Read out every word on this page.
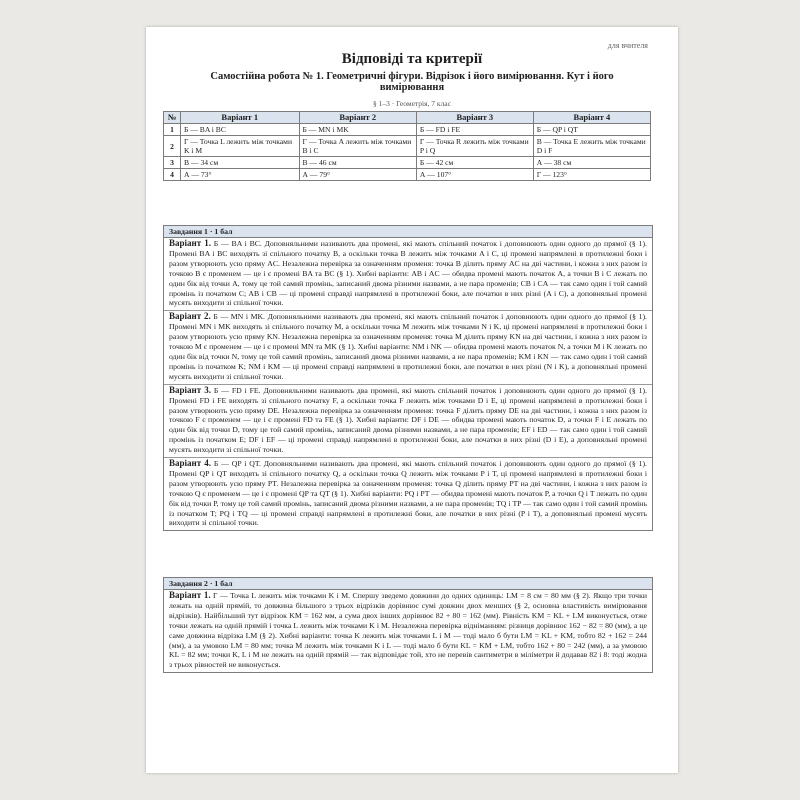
для вчителя
Відповіді та критерії
Самостійна робота № 1. Геометричні фігури. Відрізок і його вимірювання. Кут і його вимірювання
§ 1–3 · Геометрія, 7 клас
№	Варіант 1	Варіант 2	Варіант 3	Варіант 4
1	Б — BA і BC	Б — MN і MK	Б — FD і FE	Б — QP і QT
2	Г — Точка L лежить між точками K і M	Г — Точка A лежить між точками B і C	Г — Точка R лежить між точками P і Q	В — Точка E лежить між точками D і F
3	В — 34 см	В — 46 см	Б — 42 см	А — 38 см
4	А — 73°	А — 79°	А — 107°	Г — 123°
Завдання 1 · 1 бал
Варіант 1. Б — BA і BC. Доповняльними називають два промені, які мають спільний початок і доповнюють один одного до прямої (§ 1). Промені BA і BC виходять зі спільного початку B, а оскільки точка B лежить між точками A і C, ці промені напрямлені в протилежні боки і разом утворюють усю пряму AC. Незалежна перевірка за означенням променя: точка B ділить пряму AC на дві частини, і кожна з них разом із точкою B є променем — це і є промені BA та BC (§ 1). Хибні варіанти: AB і AC — обидва промені мають початок A, а точки B і C лежать по один бік від точки A, тому це той самий промінь, записаний двома різними назвами, а не пара променів; CB і CA — так само один і той самий промінь із початком C; AB і CB — ці промені справді напрямлені в протилежні боки, але початки в них різні (A і C), а доповняльні промені мусять виходити зі спільної точки.
Варіант 2. Б — MN і MK. Доповняльними називають два промені, які мають спільний початок і доповнюють один одного до прямої (§ 1). Промені MN і MK виходять зі спільного початку M, а оскільки точка M лежить між точками N і K, ці промені напрямлені в протилежні боки і разом утворюють усю пряму KN. Незалежна перевірка за означенням променя: точка M ділить пряму KN на дві частини, і кожна з них разом із точкою M є променем — це і є промені MN та MK (§ 1). Хибні варіанти: NM і NK — обидва промені мають початок N, а точки M і K лежать по один бік від точки N, тому це той самий промінь, записаний двома різними назвами, а не пара променів; KM і KN — так само один і той самий промінь із початком K; NM і KM — ці промені справді напрямлені в протилежні боки, але початки в них різні (N і K), а доповняльні промені мусять виходити зі спільної точки.
Варіант 3. Б — FD і FE. Доповняльними називають два промені, які мають спільний початок і доповнюють один одного до прямої (§ 1). Промені FD і FE виходять зі спільного початку F, а оскільки точка F лежить між точками D і E, ці промені напрямлені в протилежні боки і разом утворюють усю пряму DE. Незалежна перевірка за означенням променя: точка F ділить пряму DE на дві частини, і кожна з них разом із точкою F є променем — це і є промені FD та FE (§ 1). Хибні варіанти: DF і DE — обидва промені мають початок D, а точки F і E лежать по один бік від точки D, тому це той самий промінь, записаний двома різними назвами, а не пара променів; EF і ED — так само один і той самий промінь із початком E; DF і EF — ці промені справді напрямлені в протилежні боки, але початки в них різні (D і E), а доповняльні промені мусять виходити зі спільної точки.
Варіант 4. Б — QP і QT. Доповняльними називають два промені, які мають спільний початок і доповнюють один одного до прямої (§ 1). Промені QP і QT виходять зі спільного початку Q, а оскільки точка Q лежить між точками P і T, ці промені напрямлені в протилежні боки і разом утворюють усю пряму PT. Незалежна перевірка за означенням променя: точка Q ділить пряму PT на дві частини, і кожна з них разом із точкою Q є променем — це і є промені QP та QT (§ 1). Хибні варіанти: PQ і PT — обидва промені мають початок P, а точки Q і T лежать по один бік від точки P, тому це той самий промінь, записаний двома різними назвами, а не пара променів; TQ і TP — так само один і той самий промінь із початком T; PQ і TQ — ці промені справді напрямлені в протилежні боки, але початки в них різні (P і T), а доповняльні промені мусять виходити зі спільної точки.
Завдання 2 · 1 бал
Варіант 1. Г — Точка L лежить між точками K і M. Спершу зведемо довжини до одних одиниць: LM = 8 см = 80 мм (§ 2). Якщо три точки лежать на одній прямій, то довжина більшого з трьох відрізків дорівнює сумі довжин двох менших (§ 2, основна властивість вимірювання відрізків). Найбільший тут відрізок KM = 162 мм, а сума двох інших дорівнює 82 + 80 = 162 (мм). Рівність KM = KL + LM виконується, отже точки лежать на одній прямій і точка L лежить між точками K і M. Незалежна перевірка відніманням: різниця дорівнює 162 − 82 = 80 (мм), а це саме довжина відрізка LM (§ 2). Хибні варіанти: точка K лежить між точками L і M — тоді мало б бути LM = KL + KM, тобто 82 + 162 = 244 (мм), а за умовою LM = 80 мм; точка M лежить між точками K і L — тоді мало б бути KL = KM + LM, тобто 162 + 80 = 242 (мм), а за умовою KL = 82 мм; точки K, L і M не лежать на одній прямій — так відповідає той, хто не перевів сантиметри в міліметри й додавав 82 і 8: тоді жодна з трьох рівностей не виконується.
